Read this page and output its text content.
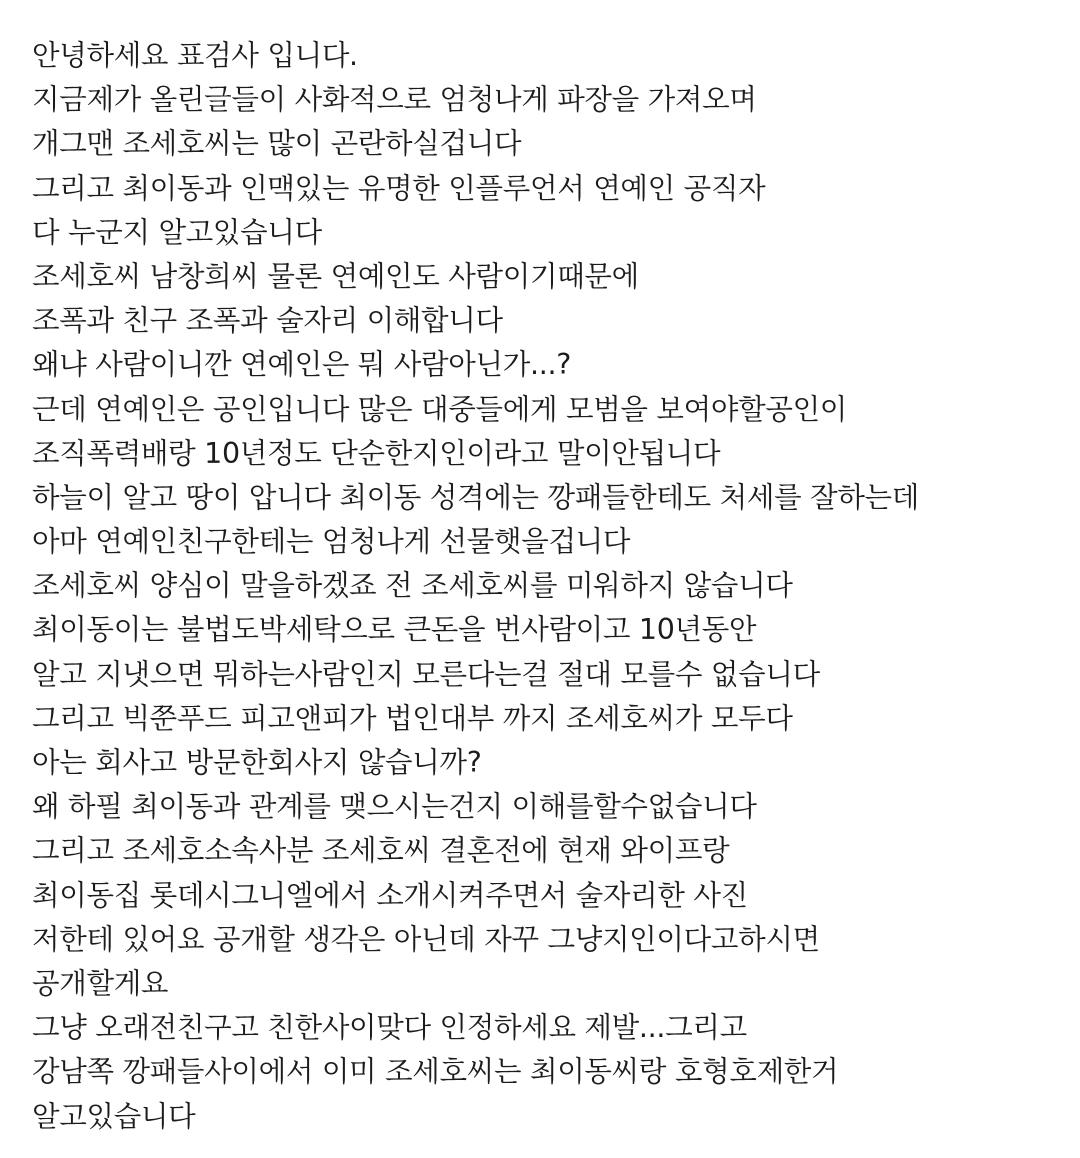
안녕하세요 표검사 입니다.
지금제가 올린글들이 사화적으로 엄청나게 파장을 가져오며
개그맨 조세호씨는 많이 곤란하실겁니다
그리고 최이동과 인맥있는 유명한 인플루언서 연예인 공직자
다 누군지 알고있습니다
조세호씨 남창희씨 물론 연예인도 사람이기때문에
조폭과 친구 조폭과 술자리 이해합니다
왜냐 사람이니깐 연예인은 뭐 사람아닌가...?
근데 연예인은 공인입니다 많은 대중들에게 모범을 보여야할공인이
조직폭력배랑 10년정도 단순한지인이라고 말이안됩니다
하늘이 알고 땅이 압니다 최이동 성격에는 깡패들한테도 처세를 잘하는데
아마 연예인친구한테는 엄청나게 선물햇을겁니다
조세호씨 양심이 말을하겠죠 전 조세호씨를 미워하지 않습니다
최이동이는 불법도박세탁으로 큰돈을 번사람이고 10년동안
알고 지냇으면 뭐하는사람인지 모른다는걸 절대 모를수 없습니다
그리고 빅쭌푸드 피고앤피가 법인대부 까지 조세호씨가 모두다
아는 회사고 방문한회사지 않습니까?
왜 하필 최이동과 관계를 맺으시는건지 이해를할수없습니다
그리고 조세호소속사분 조세호씨 결혼전에 현재 와이프랑
최이동집 롯데시그니엘에서 소개시켜주면서 술자리한 사진
저한테 있어요 공개할 생각은 아닌데 자꾸 그냥지인이다고하시면
공개할게요
그냥 오래전친구고 친한사이맞다 인정하세요 제발...그리고
강남쪽 깡패들사이에서 이미 조세호씨는 최이동씨랑 호형호제한거
알고있습니다
